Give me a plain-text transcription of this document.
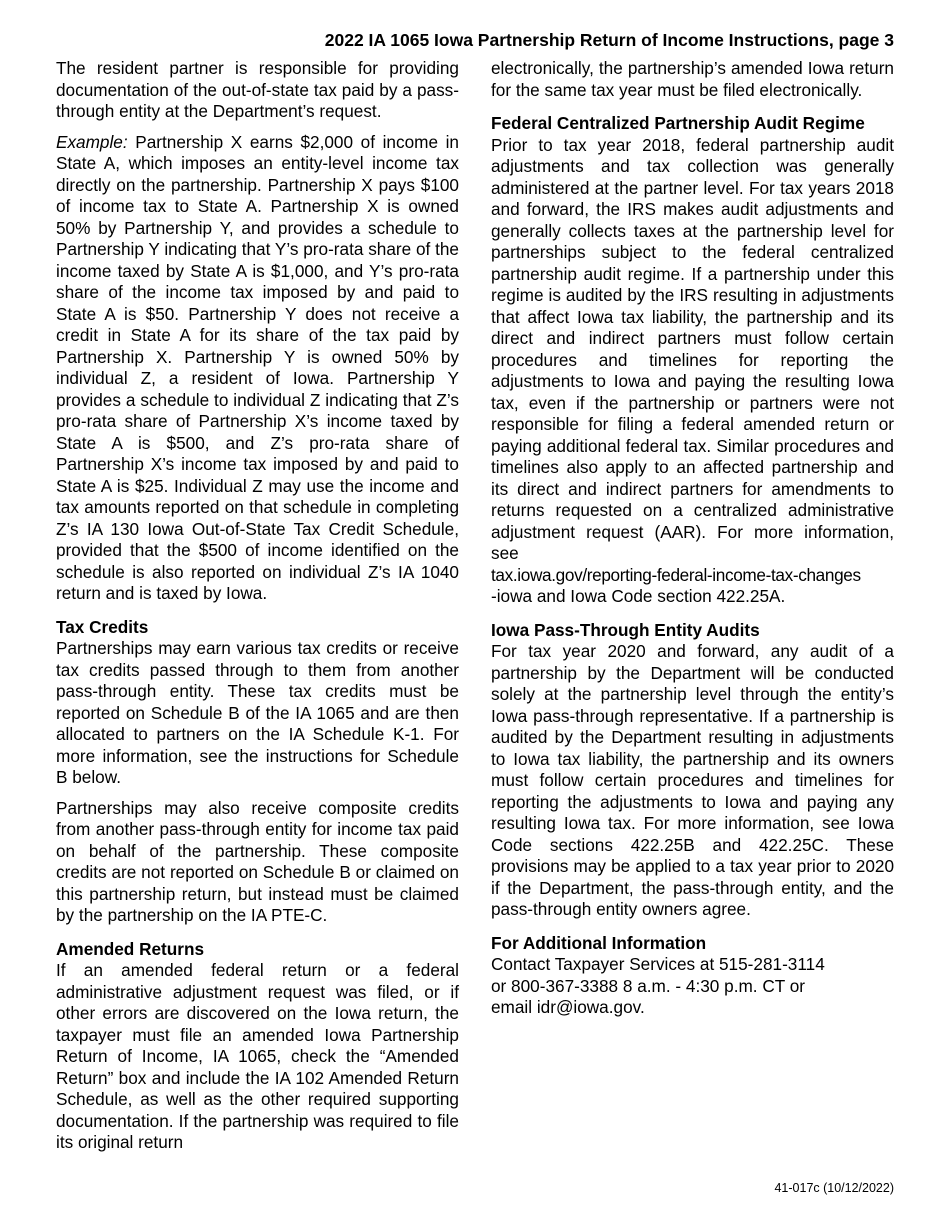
2022 IA 1065 Iowa Partnership Return of Income Instructions, page 3

The resident partner is responsible for providing documentation of the out-of-state tax paid by a pass-through entity at the Department’s request.

Example: Partnership X earns $2,000 of income in State A, which imposes an entity-level income tax directly on the partnership. Partnership X pays $100 of income tax to State A. Partnership X is owned 50% by Partnership Y, and provides a schedule to Partnership Y indicating that Y’s pro-rata share of the income taxed by State A is $1,000, and Y’s pro-rata share of the income tax imposed by and paid to State A is $50. Partnership Y does not receive a credit in State A for its share of the tax paid by Partnership X. Partnership Y is owned 50% by individual Z, a resident of Iowa. Partnership Y provides a schedule to individual Z indicating that Z’s pro-rata share of Partnership X’s income taxed by State A is $500, and Z’s pro-rata share of Partnership X’s income tax imposed by and paid to State A is $25. Individual Z may use the income and tax amounts reported on that schedule in completing Z’s IA 130 Iowa Out-of-State Tax Credit Schedule, provided that the $500 of income identified on the schedule is also reported on individual Z’s IA 1040 return and is taxed by Iowa.

Tax Credits

Partnerships may earn various tax credits or receive tax credits passed through to them from another pass-through entity. These tax credits must be reported on Schedule B of the IA 1065 and are then allocated to partners on the IA Schedule K-1. For more information, see the instructions for Schedule B below.

Partnerships may also receive composite credits from another pass-through entity for income tax paid on behalf of the partnership. These composite credits are not reported on Schedule B or claimed on this partnership return, but instead must be claimed by the partnership on the IA PTE-C.

Amended Returns

If an amended federal return or a federal administrative adjustment request was filed, or if other errors are discovered on the Iowa return, the taxpayer must file an amended Iowa Partnership Return of Income, IA 1065, check the “Amended Return” box and include the IA 102 Amended Return Schedule, as well as the other required supporting documentation. If the partnership was required to file its original return

electronically, the partnership’s amended Iowa return for the same tax year must be filed electronically.

Federal Centralized Partnership Audit Regime

Prior to tax year 2018, federal partnership audit adjustments and tax collection was generally administered at the partner level. For tax years 2018 and forward, the IRS makes audit adjustments and generally collects taxes at the partnership level for partnerships subject to the federal centralized partnership audit regime. If a partnership under this regime is audited by the IRS resulting in adjustments that affect Iowa tax liability, the partnership and its direct and indirect partners must follow certain procedures and timelines for reporting the adjustments to Iowa and paying the resulting Iowa tax, even if the partnership or partners were not responsible for filing a federal amended return or paying additional federal tax. Similar procedures and timelines also apply to an affected partnership and its direct and indirect partners for amendments to returns requested on a centralized administrative adjustment request (AAR). For more information, see
tax.iowa.gov/reporting-federal-income-tax-changes
-iowa and Iowa Code section 422.25A.

Iowa Pass-Through Entity Audits

For tax year 2020 and forward, any audit of a partnership by the Department will be conducted solely at the partnership level through the entity’s Iowa pass-through representative. If a partnership is audited by the Department resulting in adjustments to Iowa tax liability, the partnership and its owners must follow certain procedures and timelines for reporting the adjustments to Iowa and paying any resulting Iowa tax. For more information, see Iowa Code sections 422.25B and 422.25C. These provisions may be applied to a tax year prior to 2020 if the Department, the pass-through entity, and the pass-through entity owners agree.

For Additional Information

Contact Taxpayer Services at 515-281-3114
or 800-367-3388 8 a.m. - 4:30 p.m. CT or
email idr@iowa.gov.

41-017c (10/12/2022)
